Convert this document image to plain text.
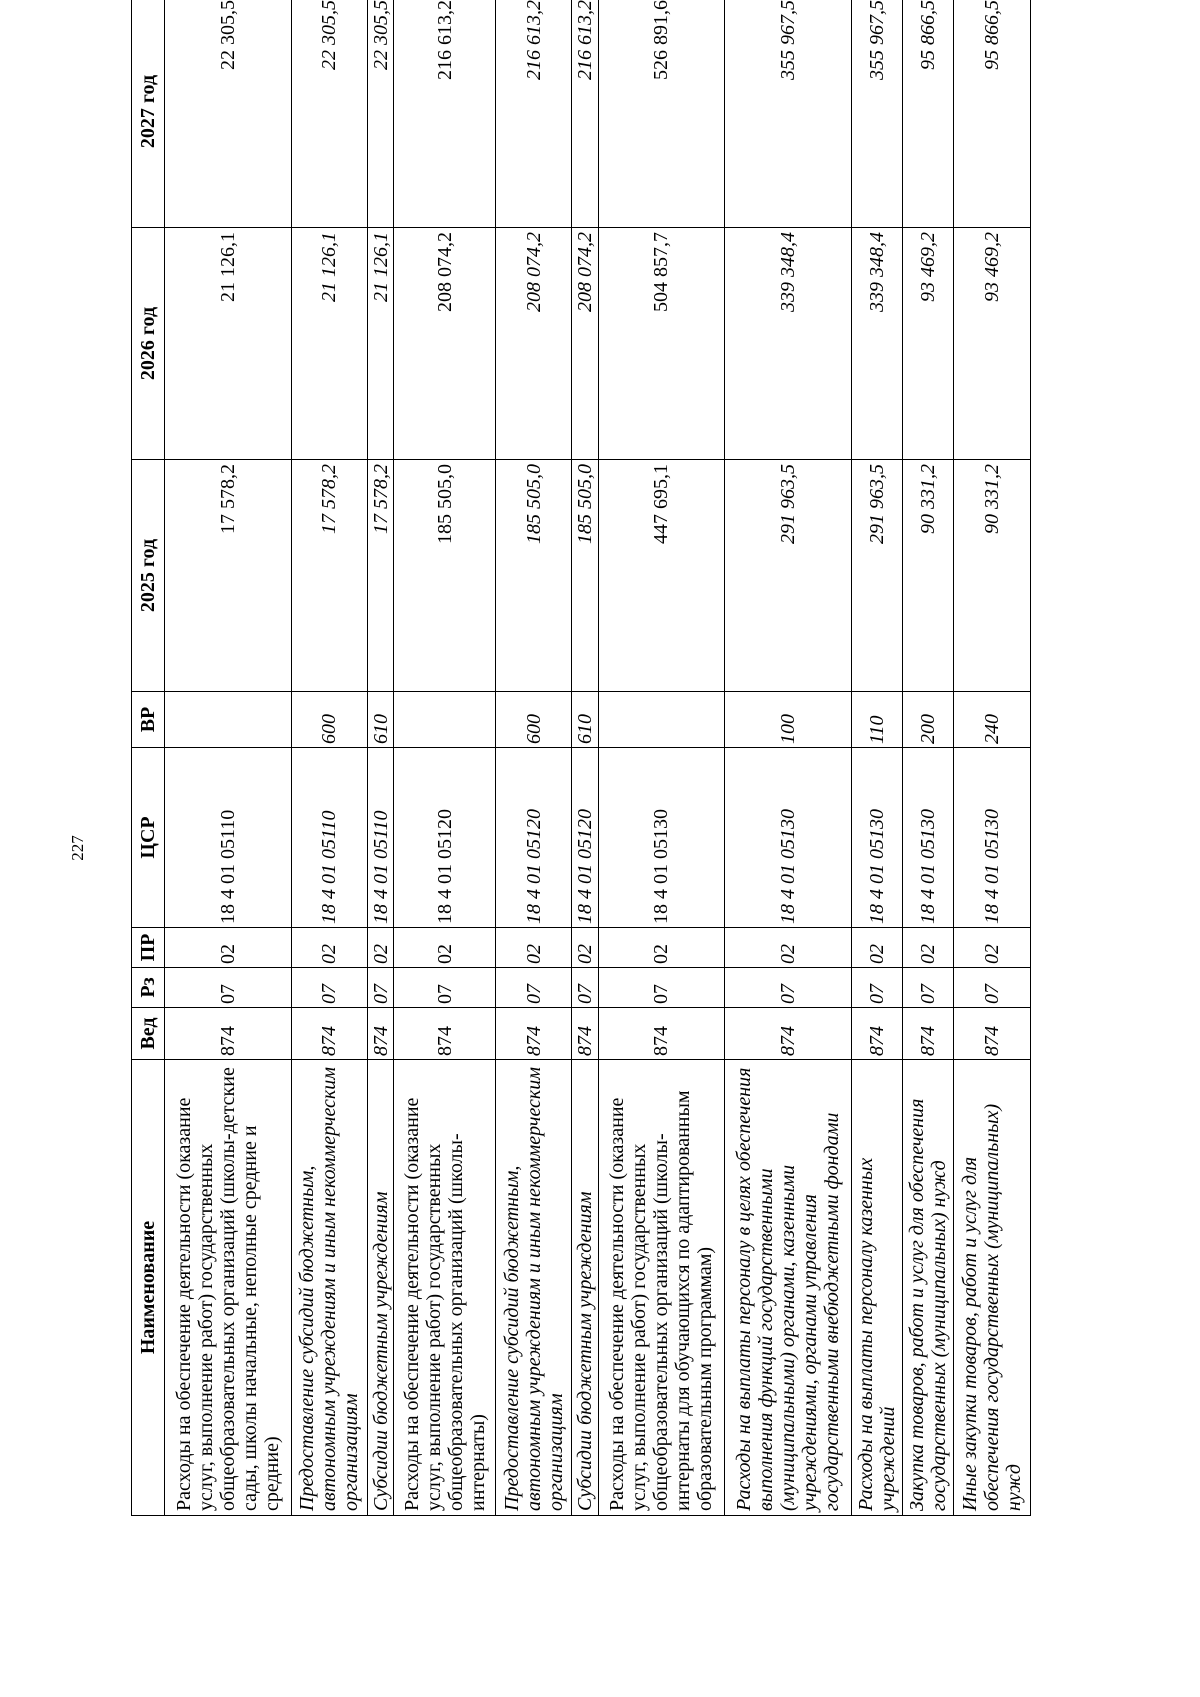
227
Наименование	Вед	Рз	ПР	ЦСР	ВР	2025 год	2026 год	2027 год
Расходы на обеспечение деятельности (оказание услуг, выполнение работ) государственных общеобразовательных организаций (школы-детские сады, школы начальные, неполные средние и средние)	874	07	02	18 4 01 05110		17 578,2	21 126,1	22 305,5
Предоставление субсидий бюджетным, автономным учреждениям и иным некоммерческим организациям	874	07	02	18 4 01 05110	600	17 578,2	21 126,1	22 305,5
Субсидии бюджетным учреждениям	874	07	02	18 4 01 05110	610	17 578,2	21 126,1	22 305,5
Расходы на обеспечение деятельности (оказание услуг, выполнение работ) государственных общеобразовательных организаций (школы-интернаты)	874	07	02	18 4 01 05120		185 505,0	208 074,2	216 613,2
Предоставление субсидий бюджетным, автономным учреждениям и иным некоммерческим организациям	874	07	02	18 4 01 05120	600	185 505,0	208 074,2	216 613,2
Субсидии бюджетным учреждениям	874	07	02	18 4 01 05120	610	185 505,0	208 074,2	216 613,2
Расходы на обеспечение деятельности (оказание услуг, выполнение работ) государственных общеобразовательных организаций (школы-интернаты для обучающихся по адаптированным образовательным программам)	874	07	02	18 4 01 05130		447 695,1	504 857,7	526 891,6
Расходы на выплаты персоналу в целях обеспечения выполнения функций государственными (муниципальными) органами, казенными учреждениями, органами управления государственными внебюджетными фондами	874	07	02	18 4 01 05130	100	291 963,5	339 348,4	355 967,5
Расходы на выплаты персоналу казенных учреждений	874	07	02	18 4 01 05130	110	291 963,5	339 348,4	355 967,5
Закупка товаров, работ и услуг для обеспечения государственных (муниципальных) нужд	874	07	02	18 4 01 05130	200	90 331,2	93 469,2	95 866,5
Иные закупки товаров, работ и услуг для обеспечения государственных (муниципальных) нужд	874	07	02	18 4 01 05130	240	90 331,2	93 469,2	95 866,5
